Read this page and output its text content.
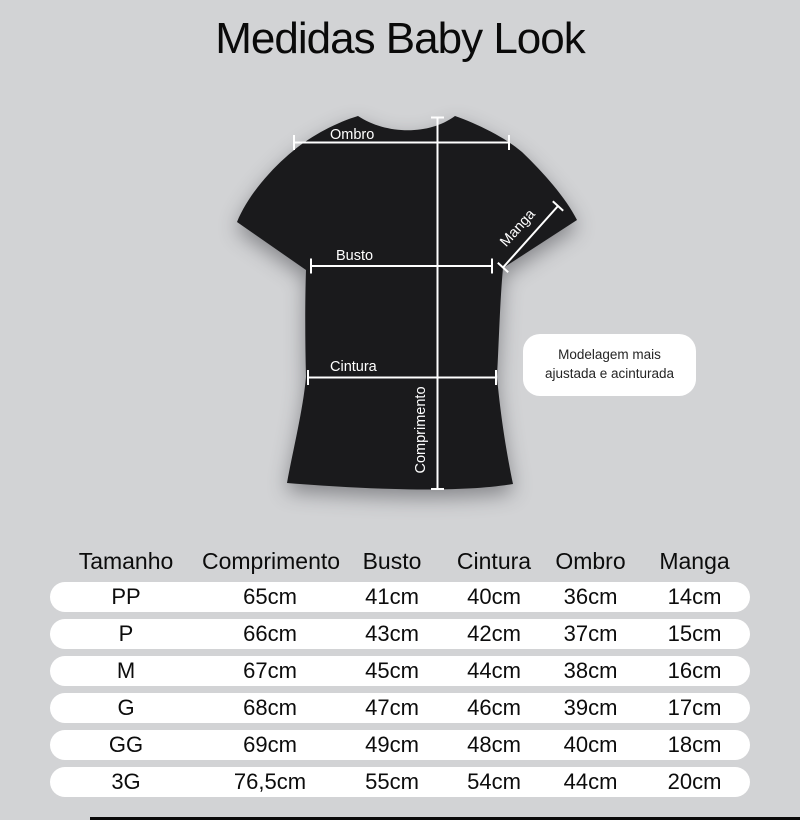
Medidas Baby Look
Ombro
Comprimento
Busto
Cintura
Manga
Modelagem mais
ajustada e acinturada
Tamanho	Comprimento Busto	Cintura	Ombro	Manga
PP	65cm	41cm	40cm	36cm	14cm
P	66cm	43cm	42cm	37cm	15cm
M	67cm	45cm	44cm	38cm	16cm
G	68cm	47cm	46cm	39cm	17cm
GG	69cm	49cm	48cm	40cm	18cm
3G	76,5cm	55cm	54cm	44cm	20cm
